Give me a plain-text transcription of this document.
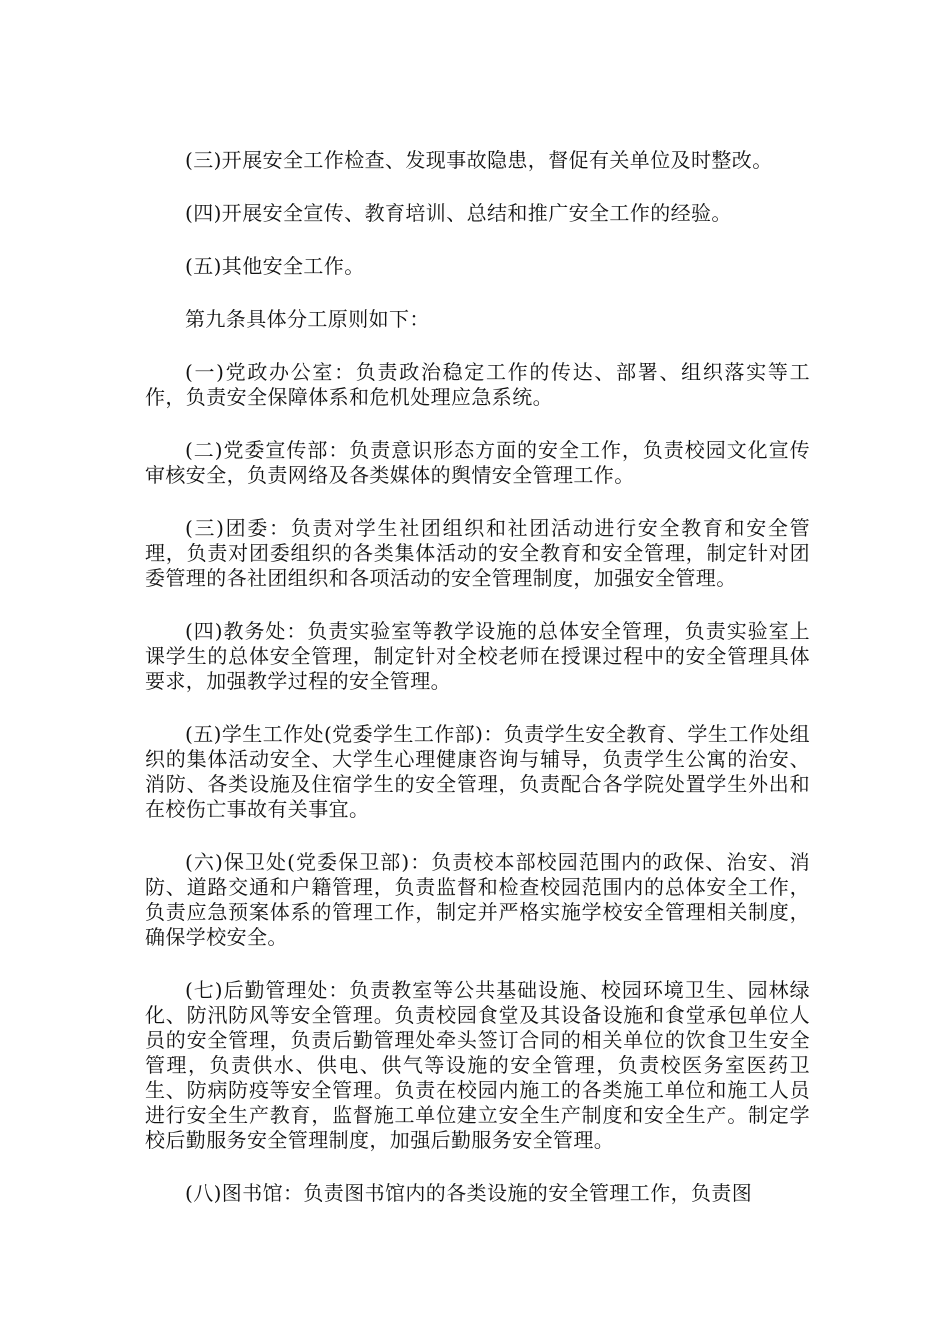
(三)开展安全工作检查、发现事故隐患，督促有关单位及时整改。

(四)开展安全宣传、教育培训、总结和推广安全工作的经验。

(五)其他安全工作。

第九条具体分工原则如下：

(一)党政办公室：负责政治稳定工作的传达、部署、组织落实等工作，负责安全保障体系和危机处理应急系统。

(二)党委宣传部：负责意识形态方面的安全工作，负责校园文化宣传审核安全，负责网络及各类媒体的舆情安全管理工作。

(三)团委：负责对学生社团组织和社团活动进行安全教育和安全管理，负责对团委组织的各类集体活动的安全教育和安全管理，制定针对团委管理的各社团组织和各项活动的安全管理制度，加强安全管理。

(四)教务处：负责实验室等教学设施的总体安全管理，负责实验室上课学生的总体安全管理，制定针对全校老师在授课过程中的安全管理具体要求，加强教学过程的安全管理。

(五)学生工作处(党委学生工作部)：负责学生安全教育、学生工作处组织的集体活动安全、大学生心理健康咨询与辅导，负责学生公寓的治安、消防、各类设施及住宿学生的安全管理，负责配合各学院处置学生外出和在校伤亡事故有关事宜。

(六)保卫处(党委保卫部)：负责校本部校园范围内的政保、治安、消防、道路交通和户籍管理，负责监督和检查校园范围内的总体安全工作，负责应急预案体系的管理工作，制定并严格实施学校安全管理相关制度，确保学校安全。

(七)后勤管理处：负责教室等公共基础设施、校园环境卫生、园林绿化、防汛防风等安全管理。负责校园食堂及其设备设施和食堂承包单位人员的安全管理，负责后勤管理处牵头签订合同的相关单位的饮食卫生安全管理，负责供水、供电、供气等设施的安全管理，负责校医务室医药卫生、防病防疫等安全管理。负责在校园内施工的各类施工单位和施工人员进行安全生产教育，监督施工单位建立安全生产制度和安全生产。制定学校后勤服务安全管理制度，加强后勤服务安全管理。

(八)图书馆：负责图书馆内的各类设施的安全管理工作，负责图
